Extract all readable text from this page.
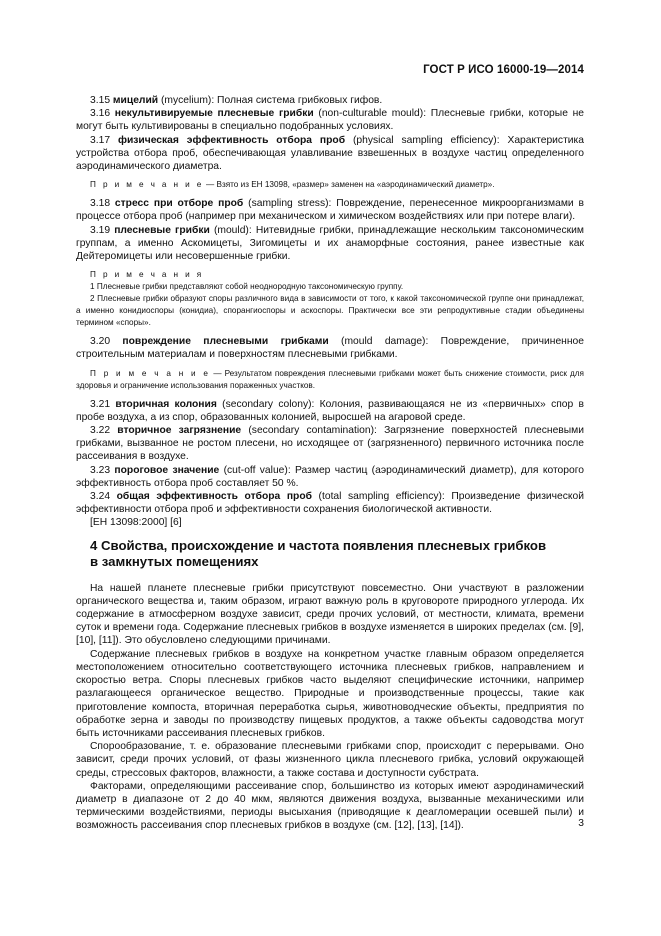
ГОСТ Р ИСО 16000-19—2014

3.15 мицелий (mycelium): Полная система грибковых гифов.

3.16 некультивируемые плесневые грибки (non-culturable mould): Плесневые грибки, которые не могут быть культивированы в специально подобранных условиях.

3.17 физическая эффективность отбора проб (physical sampling efficiency): Характеристика устройства отбора проб, обеспечивающая улавливание взвешенных в воздухе частиц определенного аэродинамического диаметра.

П р и м е ч а н и е — Взято из ЕН 13098, «размер» заменен на «аэродинамический диаметр».

3.18 стресс при отборе проб (sampling stress): Повреждение, перенесенное микроорганизмами в процессе отбора проб (например при механическом и химическом воздействиях или при потере влаги).

3.19 плесневые грибки (mould): Нитевидные грибки, принадлежащие нескольким таксономическим группам, а именно Аскомицеты, Зигомицеты и их анаморфные состояния, ранее известные как Дейтеромицеты или несовершенные грибки.

П р и м е ч а н и я

1 Плесневые грибки представляют собой неоднородную таксономическую группу.

2 Плесневые грибки образуют споры различного вида в зависимости от того, к какой таксономической группе они принадлежат, а именно конидиоспоры (конидиа), спорангиоспоры и аскоспоры. Практически все эти репродуктивные стадии объединены термином «споры».

3.20 повреждение плесневыми грибками (mould damage): Повреждение, причиненное строительным материалам и поверхностям плесневыми грибками.

П р и м е ч а н и е — Результатом повреждения плесневыми грибками может быть снижение стоимости, риск для здоровья и ограничение использования пораженных участков.

3.21 вторичная колония (secondary colony): Колония, развивающаяся не из «первичных» спор в пробе воздуха, а из спор, образованных колонией, выросшей на агаровой среде.

3.22 вторичное загрязнение (secondary contamination): Загрязнение поверхностей плесневыми грибками, вызванное не ростом плесени, но исходящее от (загрязненного) первичного источника после рассеивания в воздухе.

3.23 пороговое значение (cut-off value): Размер частиц (аэродинамический диаметр), для которого эффективность отбора проб составляет 50 %.

3.24 общая эффективность отбора проб (total sampling efficiency): Произведение физической эффективности отбора проб и эффективности сохранения биологической активности.

[ЕН 13098:2000] [6]

4 Свойства, происхождение и частота появления плесневых грибков
в замкнутых помещениях

На нашей планете плесневые грибки присутствуют повсеместно. Они участвуют в разложении органического вещества и, таким образом, играют важную роль в круговороте природного углерода. Их содержание в атмосферном воздухе зависит, среди прочих условий, от местности, климата, времени суток и времени года. Содержание плесневых грибков в воздухе изменяется в широких пределах (см. [9], [10], [11]). Это обусловлено следующими причинами.

Содержание плесневых грибков в воздухе на конкретном участке главным образом определяется местоположением относительно соответствующего источника плесневых грибков, направлением и скоростью ветра. Споры плесневых грибков часто выделяют специфические источники, например разлагающееся органическое вещество. Природные и производственные процессы, такие как приготовление компоста, вторичная переработка сырья, животноводческие объекты, предприятия по обработке зерна и заводы по производству пищевых продуктов, а также объекты садоводства могут быть источниками рассеивания плесневых грибков.

Спорообразование, т. е. образование плесневыми грибками спор, происходит с перерывами. Оно зависит, среди прочих условий, от фазы жизненного цикла плесневого грибка, условий окружающей среды, стрессовых факторов, влажности, а также состава и доступности субстрата.

Факторами, определяющими рассеивание спор, большинство из которых имеют аэродинамический диаметр в диапазоне от 2 до 40 мкм, являются движения воздуха, вызванные механическими или термическими воздействиями, периоды высыхания (приводящие к деагломерации осевшей пыли) и возможность рассеивания спор плесневых грибков в воздухе (см. [12], [13], [14]).	3
